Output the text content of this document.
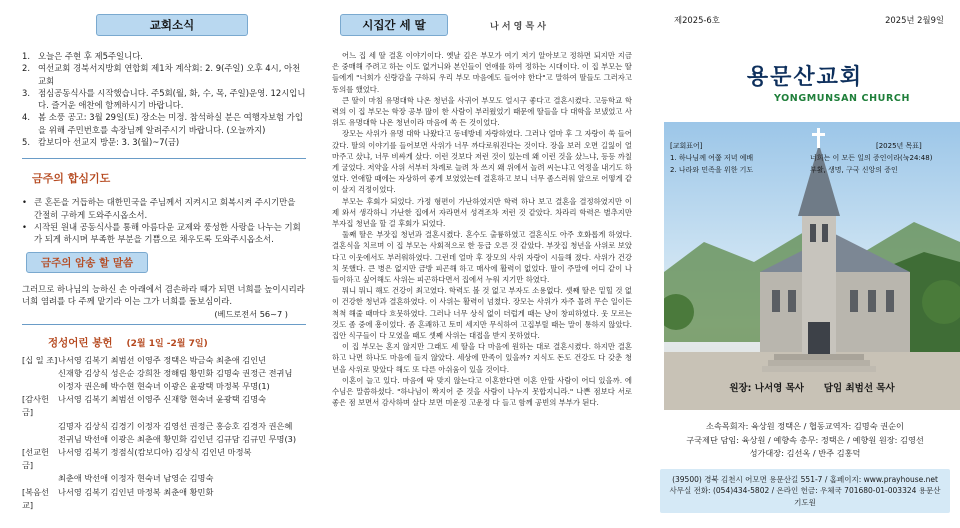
교회소식
1. 오늘은 주현 후 제5주일니다.
2. 여선교회 경북서지방회 연합회 제1차 계삭회: 2. 9(주일) 오후 4시, 아천교회
3. 점심공동식사를 시작했습니다. 주5회(월, 화, 수, 목, 주일)운영. 12시입니다. 즐거운 애찬에 함께하시기 바랍니다.
4. 봄 소풍 공고: 3월 29일(토) 장소는 미정. 참석하실 분은 여행자보험 가입을 위해 주민번호를 속장님께 알려주시기 바랍니다. (오늘까지)
5. 캄보디아 선교지 방문: 3. 3(월)~7(금)
금주의 합심기도
• 큰 혼돈을 거듭하는 대한민국을 주님께서 지켜시고 회복시켜 주시기만을 간절히 구하게 도와주시옵소서.
• 시작된 원내 공동식사를 통해 아름다운 교제와 풍성한 사랑을 나누는 기회가 되게 하시며 부족한 부분을 기쁨으로 채우도록 도와주시옵소서.
금주의 암송 할 말씀
그러므로 하나님의 능하신 손 아래에서 겸손하라 때가 되면 너희를 높이시리라 너희 염려를 다 주께 맡기라 이는 그가 너희를 돌보심이라.
(베드로전서 56~7 )
정성어린 봉헌 (2월 1일 -2월 7일)
[십 일 조] 나서영 김복기 최범선 이영주 정택은 박금숙 최춘애 김인년
신재향 김상식 성은순 강희찬 정해림 황민화 김명숙 권정근 전귀님
이정자 권은혜 박수현 현숙녀 이광은 윤광택 마정복 무명(1)
[감사헌금]
나서영 김복기 최범선 이영주 신재향 현숙녀 윤광택 김명숙
김명자 김상식 김경기 이정자 김영선 권정근 홍승호 김경자 권은혜
전귀님 박선애 이광은 최춘애 황민화 김인년 김규담 김규민 무명(3)
[선교헌금]
나서영 김복기 정점식(캄보디아) 김상식 김인년 마정복
최춘애 박선애 이정자 현숙녀 남영순 김명숙
[복음선교]
나서영 김복기 김인년 마정복 최춘애 황민화
시집간 세 딸	나 서 영 목 사

어느 집 세 딸 결혼 이야기이다. 옛날 깊은 부모가 여기 저기 알아보고 정하면 되지만 지금은 중매해 주려고 하는 이도 없거니와 본인들이 연애를 하여 정하는 시대이다. 이 집 부모는 딸들에게 "너희가 신랑감을 구하되 우리 부모 마음에도 들어야 한다"고 말하여 딸들도 그러자고 동의를 했었다.

큰 딸이 마침 유명대학 나온 청년을 사귀어 부모도 얼시구 좋다고 결혼시켰다. 고등학교 학력의 이 집 부모는 학장 공부 많이 한 사람이 부러웠었기 때문에 딸들을 다 대학을 보냈었고 사위도 유명대학 나온 청년이라 마음에 쏙 든 것이었다.

장모는 사위가 유명 대학 나왔다고 동네방네 자랑하였다. 그러나 얼마 후 그 자랑이 쑥 들어갔다. 딸의 이야기를 들어보면 사위가 너무 까다로워진다는 것이다. 장을 보러 오면 길잃이 얼마주고 샀냐, 너무 비싸게 샀다. 이런 것보다 저런 것이 있는데 왜 이런 것을 샀느냐, 등등 까칠게 굴었다. 저약을 사위 서부터 차례로 늘려 차 쓰지 왜 위에서 놀려 씨는냐고 역정을 내기도 하였다. 연애할 때에는 자상하여 좋게 보였었는데 결혼하고 보니 너무 좀스러워 앞으로 어떻게 같이 살지 걱정이었다.

부모는 후회가 되었다. 가정 형편이 가난하였지만 학력 하나 보고 결혼을 결정하였지만 이제 와서 생각하니 가난한 집에서 자라면서 성격조차 저런 것 같았다. 차라리 학력은 별추지만 부자집 청년을 할 걸 후회가 되었다.

둘째 딸은 부잣집 청년과 결혼시켰다. 혼수도 출륭하였고 결혼식도 아주 호화롭게 하였다. 결혼식을 치르며 이 집 부모는 사회적으로 한 등급 오른 것 같았다. 부잣집 청년을 사위로 보았다고 이웃에서도 부러워하였다. 그런데 얼마 후 장모의 사위 자랑이 시들해 졌다. 사위가 건강치 못했다. 큰 병은 없지만 금방 피곤해 하고 매사에 활력이 없었다. 딸이 주말에 어디 같이 나들이하고 싶어해도 사위는 피곤하다면서 집에서 누워 지기만 하였다.

뭐니 뭐니 해도 건강이 최고였다. 학력도 볼 것 없고 부자도 소용없다. 셋째 딸은 밑힐 것 없이 건강한 청년과 결혼하였다. 이 사위는 활력이 넘쳤다. 장모는 사위가 자주 몰려 무슨 일이든 척척 해줄 때마다 흐뭇하였다. 그러나 너무 상식 없이 더럽게 때는 냥이 창피하였다. 웃 모르는 것도 좀 중에 흥이었다. 좀 흔쾌하고 토미 세지만 무식하여 고집부릴 때는 말이 통하지 않았다. 집안 식구들이 다 모였을 때도 셋째 사위는 대접을 받지 못하였다.

이 집 부모는 혼지 않지만 그래도 세 딸을 다 마음에 원하는 대로 결혼시켰다. 하지만 결혼하고 나면 하나도 마음에 들지 않았다. 세상에 만족이 있을까? 지식도 돈도 건강도 다 갖춘 청년을 사위로 맞았다 해도 또 다른 아쉬움이 있을 것이다.

이혼이 늘고 있다. 마음에 딱 맞지 않는다고 이혼한다면 이혼 안할 사람이 어디 있을까. 에수님은 말씀하셨다. "하나님이 짝지어 준 것을 사람이 나누지 못합지니라." 나쁜 점보다 서로 좋은 점 보면서 감사하며 살다 보면 미운정 고운정 다 들고 함께 공빈의 부부가 된다.

제2025-6호	2025년 2월9일
용문산교회
YONGMUNSAN CHURCH
[교회표어]	[2025년 목표]
1. 하나님께 여쭙 저녁 예배	너희는 이 모든 일의 증인이라(눅24:48)
2. 나라와 민족을 위한 기도	부활, 생명, 구국 신앙의 증인
원장: 나서영 목사      담임 최범선 목사
소속목회자: 육상원 정택은 / 협동교역자: 김명숙 권순이
구국제단 담임: 육상원 / 예향속 총무: 정택은 / 예향원 원장: 김영선
성가대장: 김선옥 / 반주 김홍덕
(39500) 경북 김천시 어모면 용문산길 551-7 / 홈페이지: www.prayhouse.net
사무실 전화: (054)434-5802 / 온라인 헌금: 우체국 701680-01-003324 용문산기도원
